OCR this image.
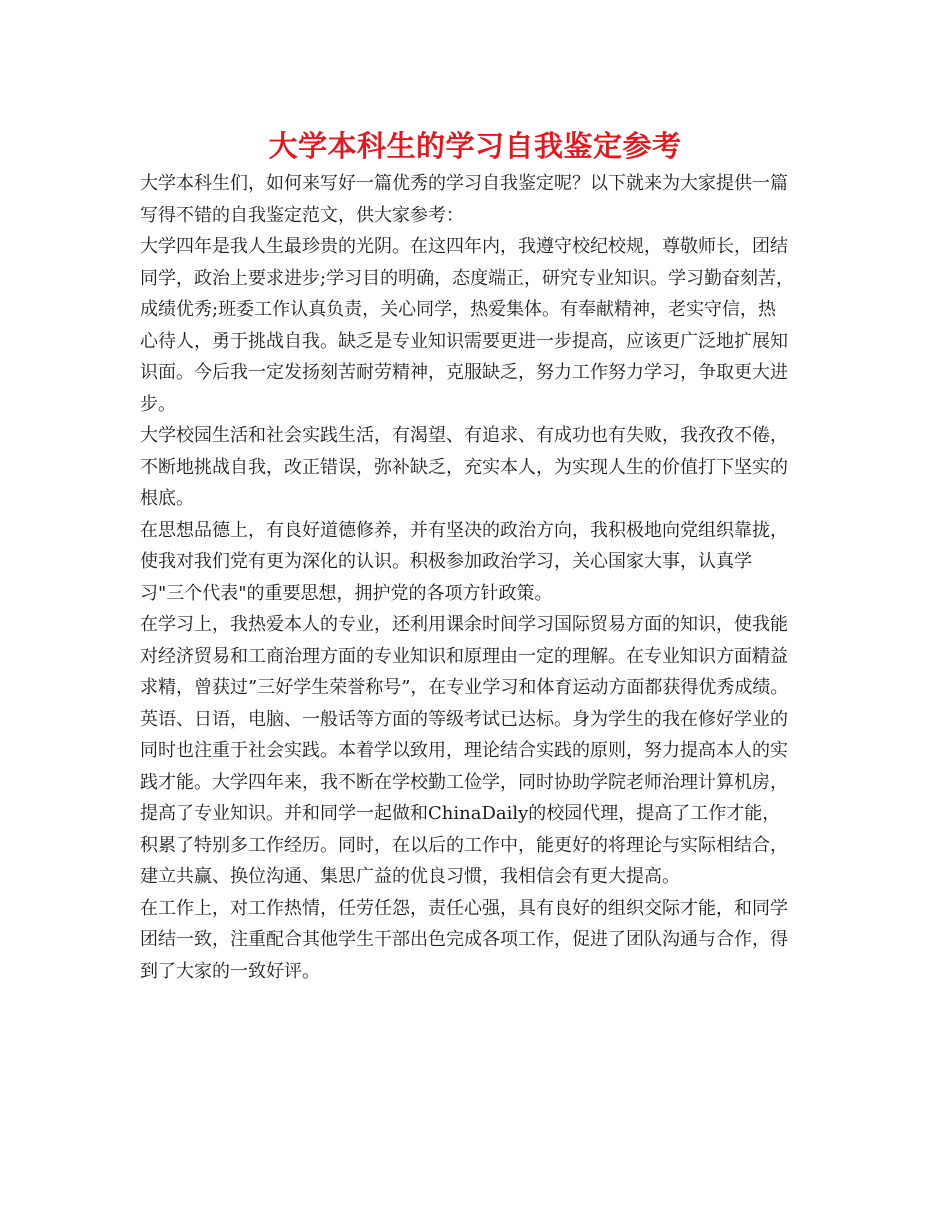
大学本科生的学习自我鉴定参考

大学本科生们，如何来写好一篇优秀的学习自我鉴定呢？以下就来为大家提供一篇
写得不错的自我鉴定范文，供大家参考：

大学四年是我人生最珍贵的光阴。在这四年内，我遵守校纪校规，尊敬师长，团结
同学，政治上要求进步;学习目的明确，态度端正，研究专业知识。学习勤奋刻苦，
成绩优秀;班委工作认真负责，关心同学，热爱集体。有奉献精神，老实守信，热
心待人，勇于挑战自我。缺乏是专业知识需要更进一步提高，应该更广泛地扩展知
识面。今后我一定发扬刻苦耐劳精神，克服缺乏，努力工作努力学习，争取更大进
步。

大学校园生活和社会实践生活，有渴望、有追求、有成功也有失败，我孜孜不倦，
不断地挑战自我，改正错误，弥补缺乏，充实本人，为实现人生的价值打下坚实的
根底。

在思想品德上，有良好道德修养，并有坚决的政治方向，我积极地向党组织靠拢，
使我对我们党有更为深化的认识。积极参加政治学习，关心国家大事，认真学
习"三个代表"的重要思想，拥护党的各项方针政策。

在学习上，我热爱本人的专业，还利用课余时间学习国际贸易方面的知识，使我能
对经济贸易和工商治理方面的专业知识和原理由一定的理解。在专业知识方面精益
求精，曾获过”三好学生荣誉称号”，在专业学习和体育运动方面都获得优秀成绩。
英语、日语，电脑、一般话等方面的等级考试已达标。身为学生的我在修好学业的
同时也注重于社会实践。本着学以致用，理论结合实践的原则，努力提高本人的实
践才能。大学四年来，我不断在学校勤工俭学，同时协助学院老师治理计算机房，
提高了专业知识。并和同学一起做和ChinaDaily的校园代理，提高了工作才能，
积累了特别多工作经历。同时，在以后的工作中，能更好的将理论与实际相结合，
建立共赢、换位沟通、集思广益的优良习惯，我相信会有更大提高。

在工作上，对工作热情，任劳任怨，责任心强，具有良好的组织交际才能，和同学
团结一致，注重配合其他学生干部出色完成各项工作，促进了团队沟通与合作，得
到了大家的一致好评。
